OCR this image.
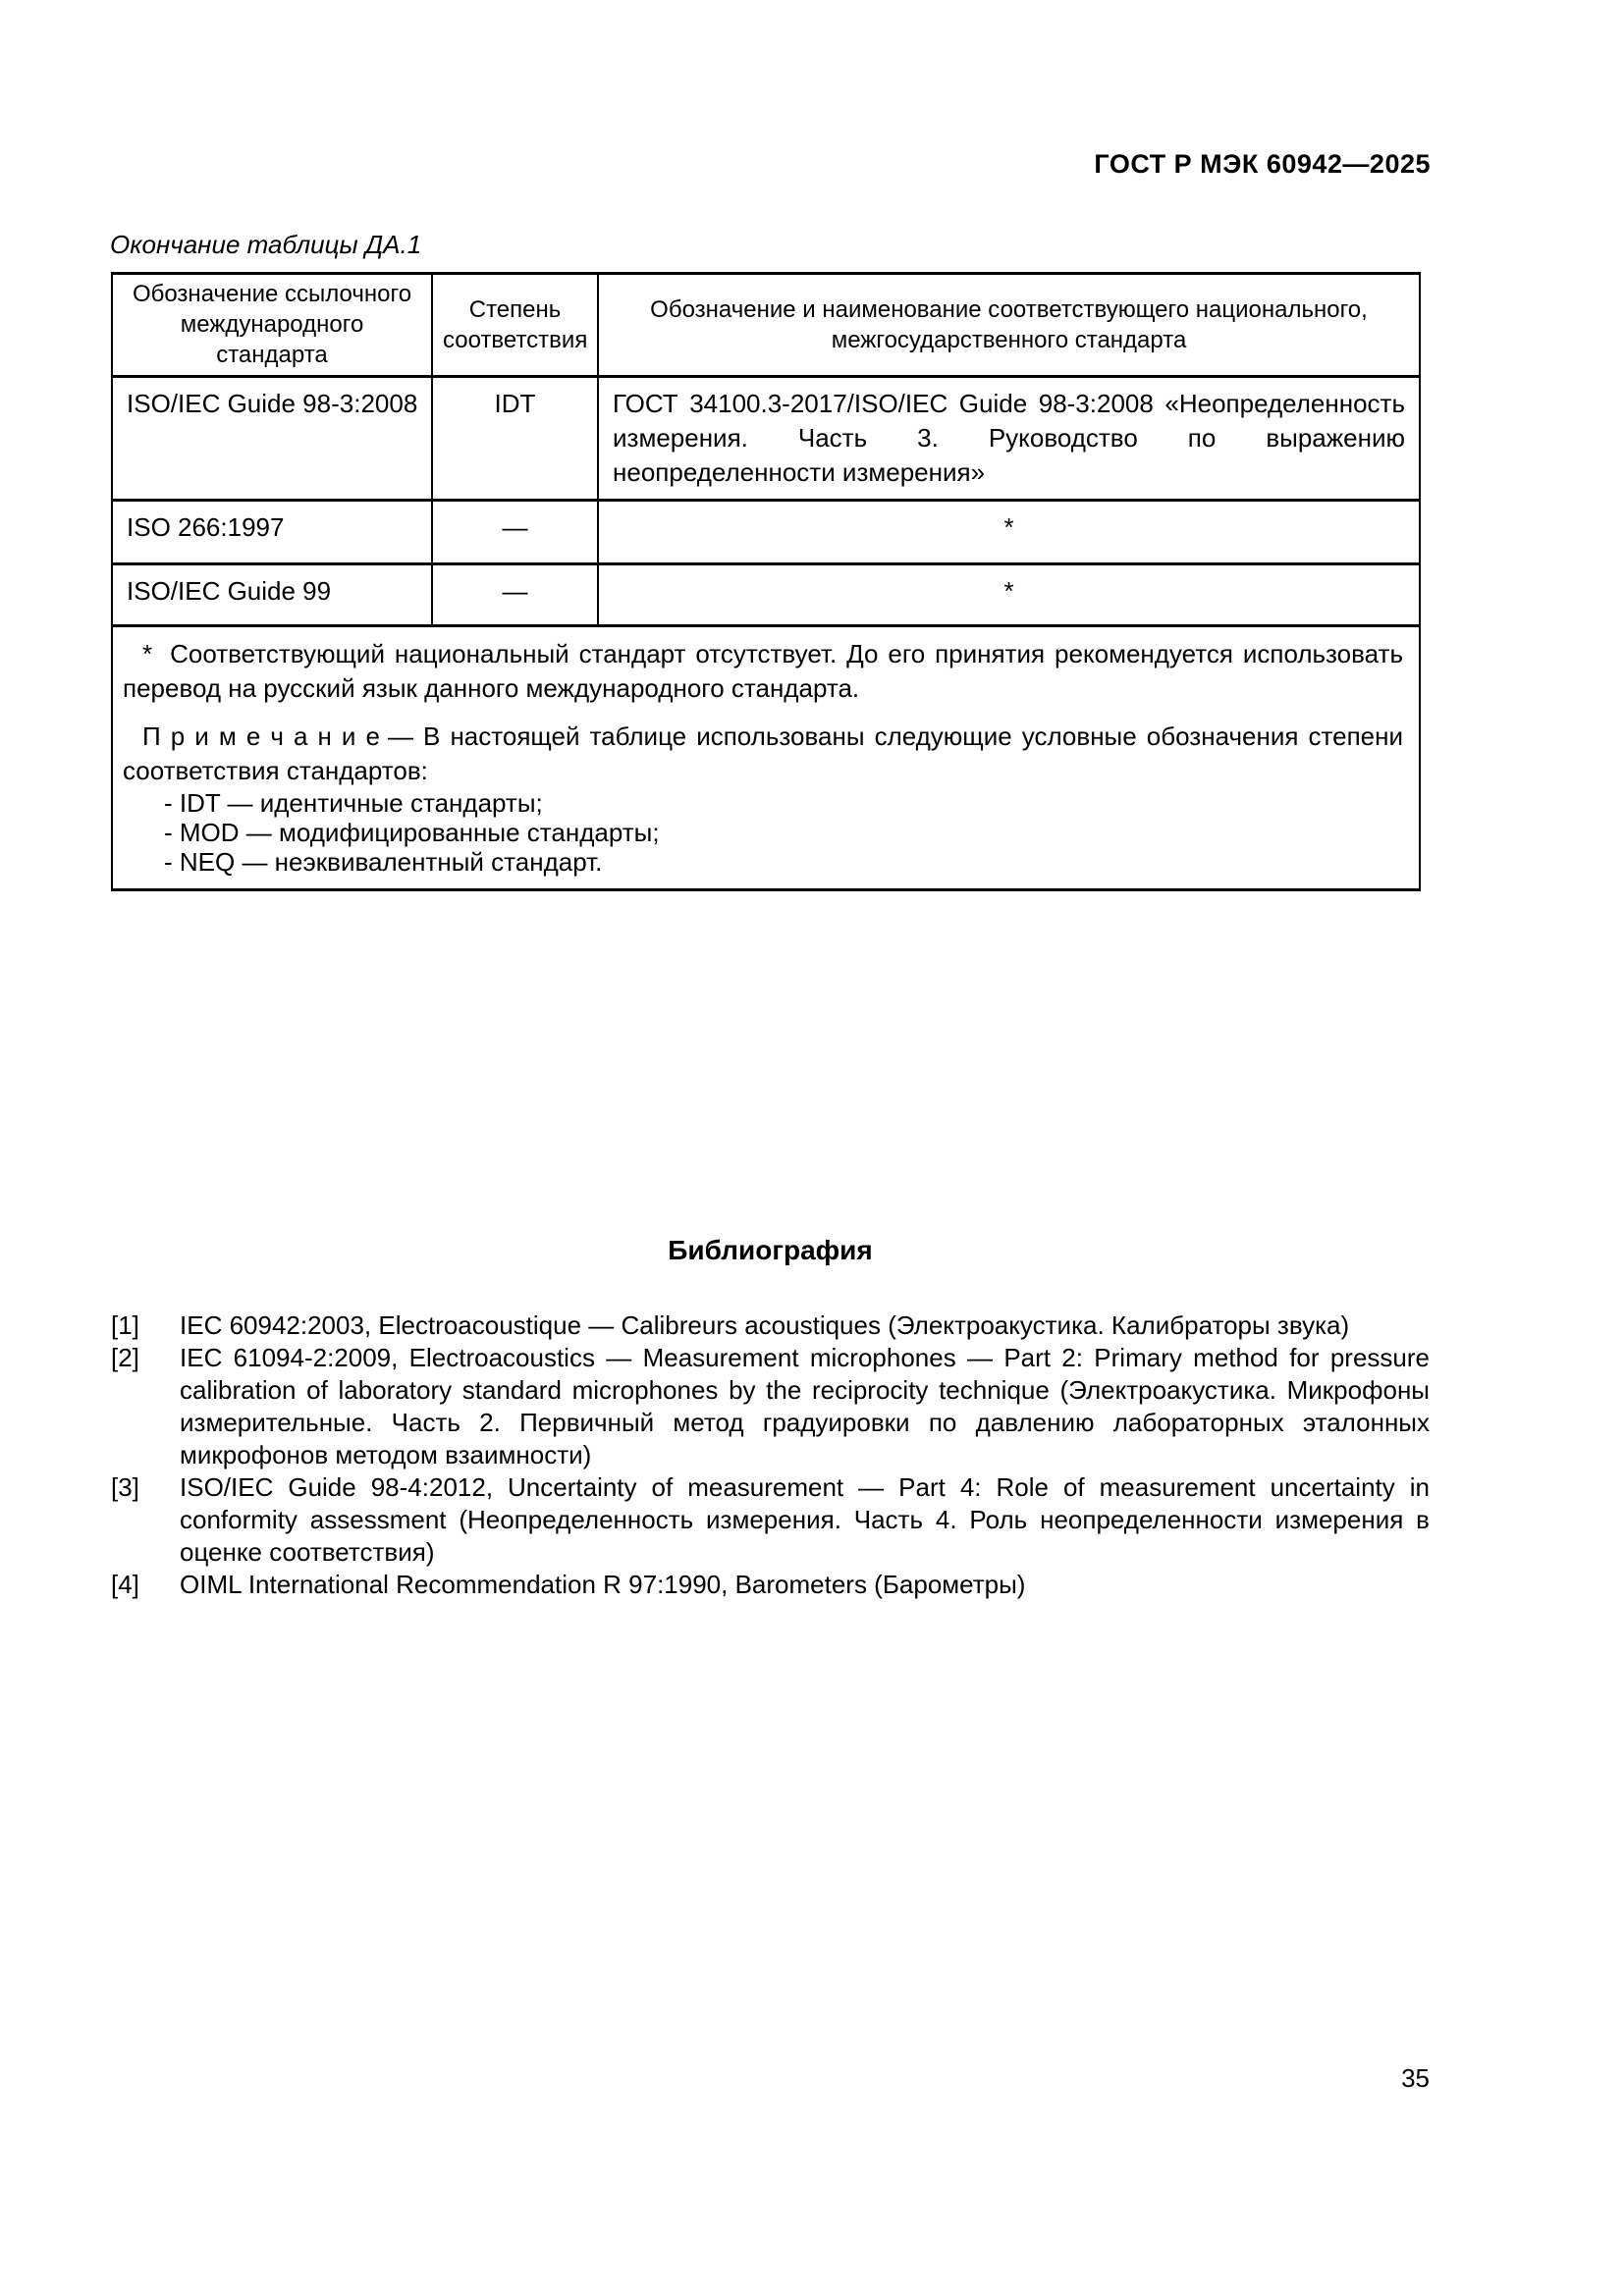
ГОСТ Р МЭК 60942—2025
Окончание таблицы ДА.1
Обозначение ссылочного международного стандарта	Степень соответствия	Обозначение и наименование соответствующего национального, межгосударственного стандарта
ISO/IEC Guide 98-3:2008	IDT	ГОСТ 34100.3-2017/ISO/IEC Guide 98-3:2008 «Неопределенность измерения. Часть 3. Руководство по выражению неопределенности измерения»
ISO 266:1997	—	*
ISO/IEC Guide 99	—	*

* Соответствующий национальный стандарт отсутствует. До его принятия рекомендуется использовать перевод на русский язык данного международного стандарта.

П р и м е ч а н и е — В настоящей таблице использованы следующие условные обозначения степени соответствия стандартов:

- IDT — идентичные стандарты;
- MOD — модифицированные стандарты;
- NEQ — неэквивалентный стандарт.		
Библиография
[1]	IEC 60942:2003, Electroacoustique — Calibreurs acoustiques (Электроакустика. Калибраторы звука)
[2]	IEC 61094-2:2009, Electroacoustics — Measurement microphones — Part 2: Primary method for pressure calibration of laboratory standard microphones by the reciprocity technique (Электроакустика. Микрофоны измерительные. Часть 2. Первичный метод градуировки по давлению лабораторных эталонных микрофонов методом взаимности)
[3]	ISO/IEC Guide 98-4:2012, Uncertainty of measurement — Part 4: Role of measurement uncertainty in conformity assessment (Неопределенность измерения. Часть 4. Роль неопределенности измерения в оценке соответствия)
[4]	OIML International Recommendation R 97:1990, Barometers (Барометры)
35
